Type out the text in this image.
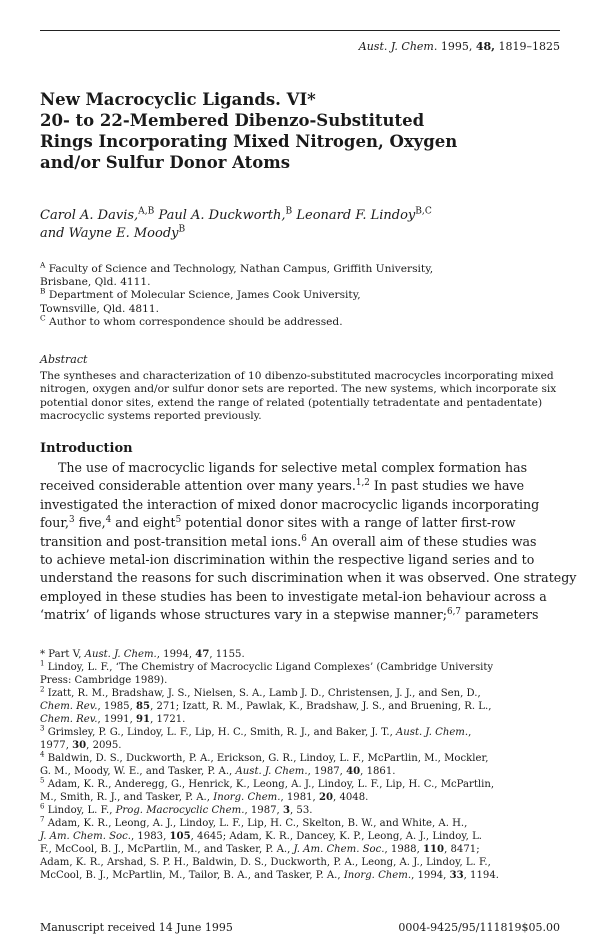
Aust. J. Chem. 1995, 48, 1819–1825
New Macrocyclic Ligands. VI*
20- to 22-Membered Dibenzo-Substituted
Rings Incorporating Mixed Nitrogen, Oxygen
and/or Sulfur Donor Atoms
Carol A. Davis,$^{A,B}$ Paul A. Duckworth,$^B$ Leonard F. Lindoy$^{B,C}$
and Wayne E. Moody$^B$
$^A$ Faculty of Science and Technology, Nathan Campus, Griffith University,
Brisbane, Qld. 4111.
$^B$ Department of Molecular Science, James Cook University,
Townsville, Qld. 4811.
$^C$ Author to whom correspondence should be addressed.
Abstract
The syntheses and characterization of 10 dibenzo-substituted macrocycles incorporating mixed
nitrogen, oxygen and/or sulfur donor sets are reported. The new systems, which incorporate six
potential donor sites, extend the range of related (potentially tetradentate and pentadentate)
macrocyclic systems reported previously.
Introduction
The use of macrocyclic ligands for selective metal complex formation has
received considerable attention over many years.$^{1,2}$ In past studies we have
investigated the interaction of mixed donor macrocyclic ligands incorporating
four,$^3$ five,$^4$ and eight$^5$ potential donor sites with a range of latter first-row
transition and post-transition metal ions.$^6$ An overall aim of these studies was
to achieve metal-ion discrimination within the respective ligand series and to
understand the reasons for such discrimination when it was observed. One strategy
employed in these studies has been to investigate metal-ion behaviour across a
‘matrix’ of ligands whose structures vary in a stepwise manner;$^{6,7}$ parameters
* Part V, Aust. J. Chem., 1994, 47, 1155.
$^1$ Lindoy, L. F., ‘The Chemistry of Macrocyclic Ligand Complexes’ (Cambridge University
Press: Cambridge 1989).
$^2$ Izatt, R. M., Bradshaw, J. S., Nielsen, S. A., Lamb J. D., Christensen, J. J., and Sen, D.,
Chem. Rev., 1985, 85, 271; Izatt, R. M., Pawlak, K., Bradshaw, J. S., and Bruening, R. L.,
Chem. Rev., 1991, 91, 1721.
$^3$ Grimsley, P. G., Lindoy, L. F., Lip, H. C., Smith, R. J., and Baker, J. T., Aust. J. Chem.,
1977, 30, 2095.
$^4$ Baldwin, D. S., Duckworth, P. A., Erickson, G. R., Lindoy, L. F., McPartlin, M., Mockler,
G. M., Moody, W. E., and Tasker, P. A., Aust. J. Chem., 1987, 40, 1861.
$^5$ Adam, K. R., Anderegg, G., Henrick, K., Leong, A. J., Lindoy, L. F., Lip, H. C., McPartlin,
M., Smith, R. J., and Tasker, P. A., Inorg. Chem., 1981, 20, 4048.
$^6$ Lindoy, L. F., Prog. Macrocyclic Chem., 1987, 3, 53.
$^7$ Adam, K. R., Leong, A. J., Lindoy, L. F., Lip, H. C., Skelton, B. W., and White, A. H.,
J. Am. Chem. Soc., 1983, 105, 4645; Adam, K. R., Dancey, K. P., Leong, A. J., Lindoy, L.
F., McCool, B. J., McPartlin, M., and Tasker, P. A., J. Am. Chem. Soc., 1988, 110, 8471;
Adam, K. R., Arshad, S. P. H., Baldwin, D. S., Duckworth, P. A., Leong, A. J., Lindoy, L. F.,
McCool, B. J., McPartlin, M., Tailor, B. A., and Tasker, P. A., Inorg. Chem., 1994, 33, 1194.
Manuscript received 14 June 1995	0004-9425/95/111819$05.00
